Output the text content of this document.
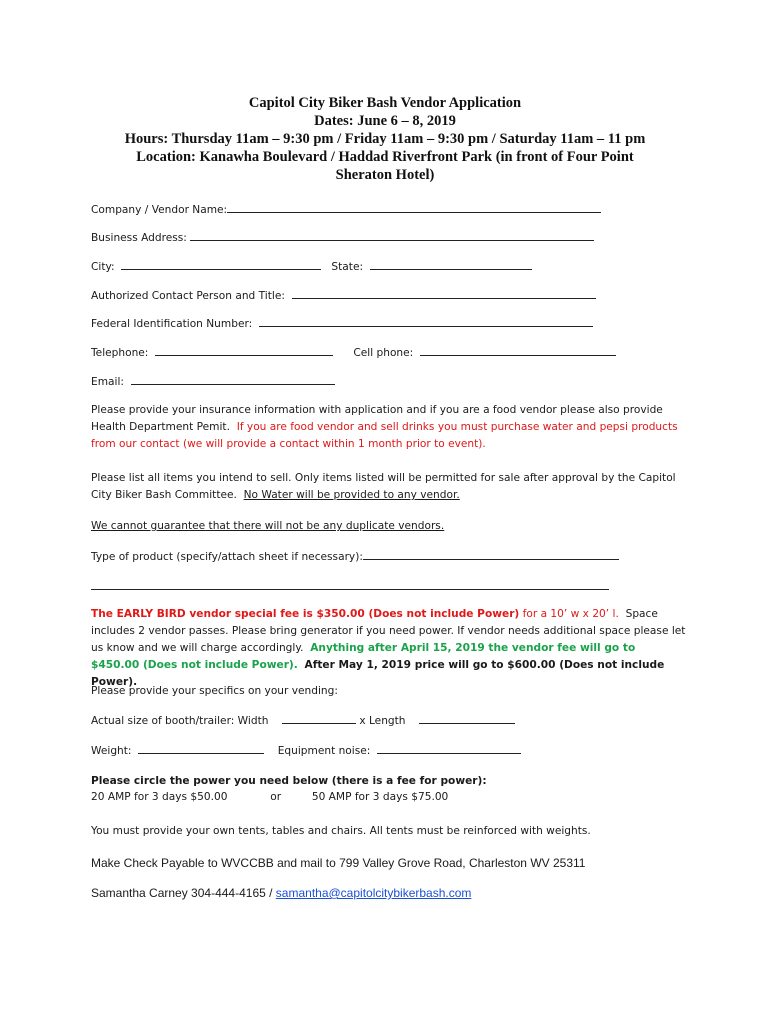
Capitol City Biker Bash Vendor Application
Dates: June 6 – 8, 2019
Hours: Thursday 11am – 9:30 pm / Friday 11am – 9:30 pm / Saturday 11am – 11 pm
Location: Kanawha Boulevard / Haddad Riverfront Park (in front of Four Point
Sheraton Hotel)
Company / Vendor Name:
Business Address:
City:	State:
Authorized Contact Person and Title:
Federal Identification Number:
Telephone:	Cell phone:
Email:
Please provide your insurance information with application and if you are a food vendor please also provide Health Department Pemit. If you are food vendor and sell drinks you must purchase water and pepsi products from our contact (we will provide a contact within 1 month prior to event).
Please list all items you intend to sell. Only items listed will be permitted for sale after approval by the Capitol City Biker Bash Committee. No Water will be provided to any vendor.
We cannot guarantee that there will not be any duplicate vendors.
Type of product (specify/attach sheet if necessary):
The EARLY BIRD vendor special fee is $350.00 (Does not include Power) for a 10’ w x 20’ l. Space includes 2 vendor passes. Please bring generator if you need power. If vendor needs additional space please let us know and we will charge accordingly. Anything after April 15, 2019 the vendor fee will go to $450.00 (Does not include Power). After May 1, 2019 price will go to $600.00 (Does not include Power).
Please provide your specifics on your vending:
Actual size of booth/trailer: Width	x Length
Weight:	Equipment noise:
Please circle the power you need below (there is a fee for power):
20 AMP for 3 days $50.00	or	50 AMP for 3 days $75.00
You must provide your own tents, tables and chairs. All tents must be reinforced with weights.
Make Check Payable to WVCCBB and mail to 799 Valley Grove Road, Charleston WV 25311
Samantha Carney 304-444-4165 / samantha@capitolcitybikerbash.com
